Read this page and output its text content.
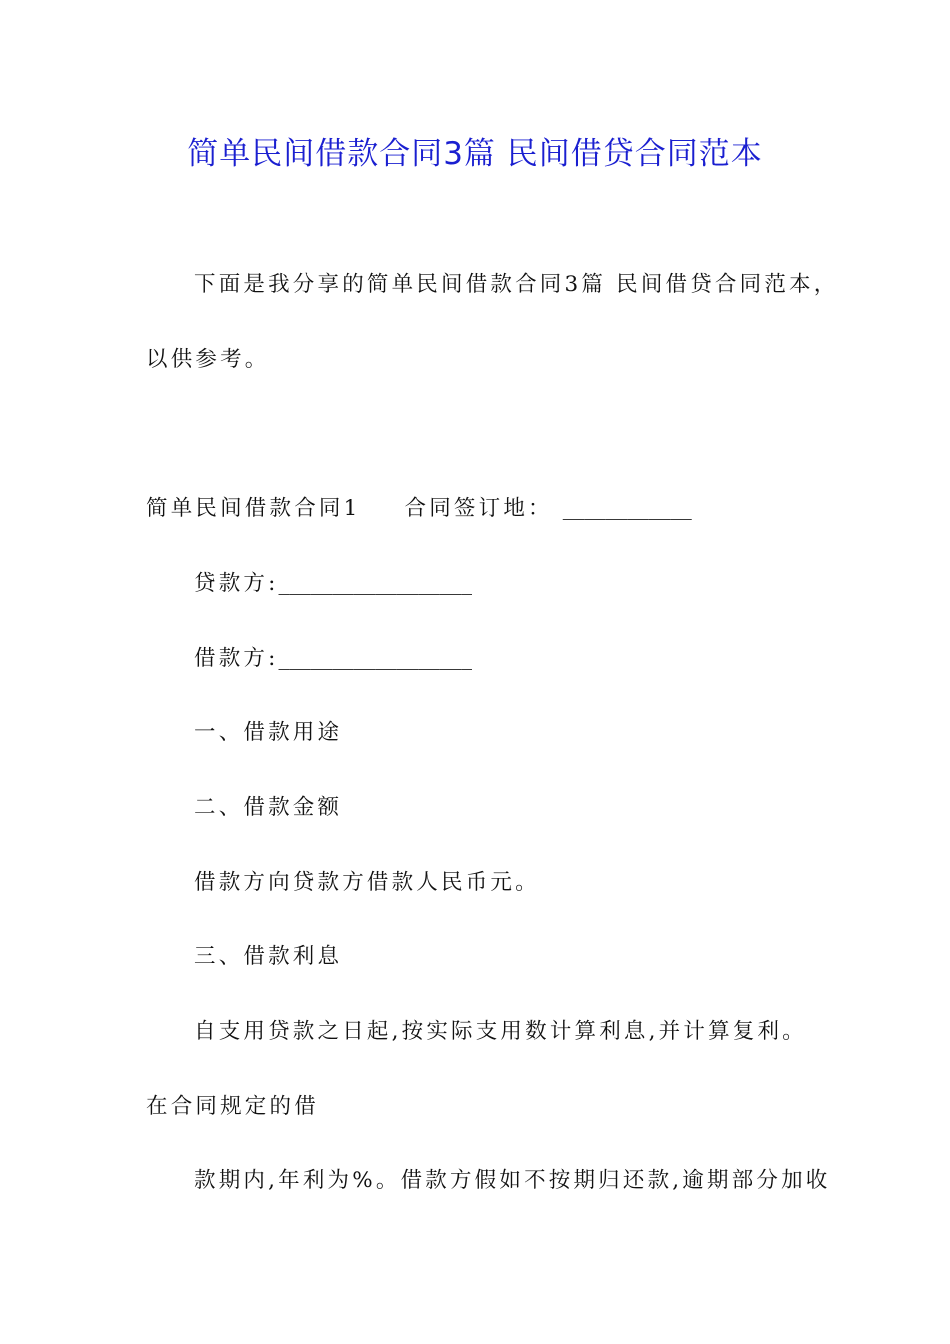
简单民间借款合同3篇 民间借贷合同范本
下面是我分享的简单民间借款合同3篇 民间借贷合同范本，
以供参考。
简单民间借款合同1 合同签订地： ____________
贷款方:__________________
借款方:__________________
一、借款用途
二、借款金额
借款方向贷款方借款人民币元。
三、借款利息
自支用贷款之日起,按实际支用数计算利息,并计算复利。
在合同规定的借
款期内,年利为%。借款方假如不按期归还款,逾期部分加收
